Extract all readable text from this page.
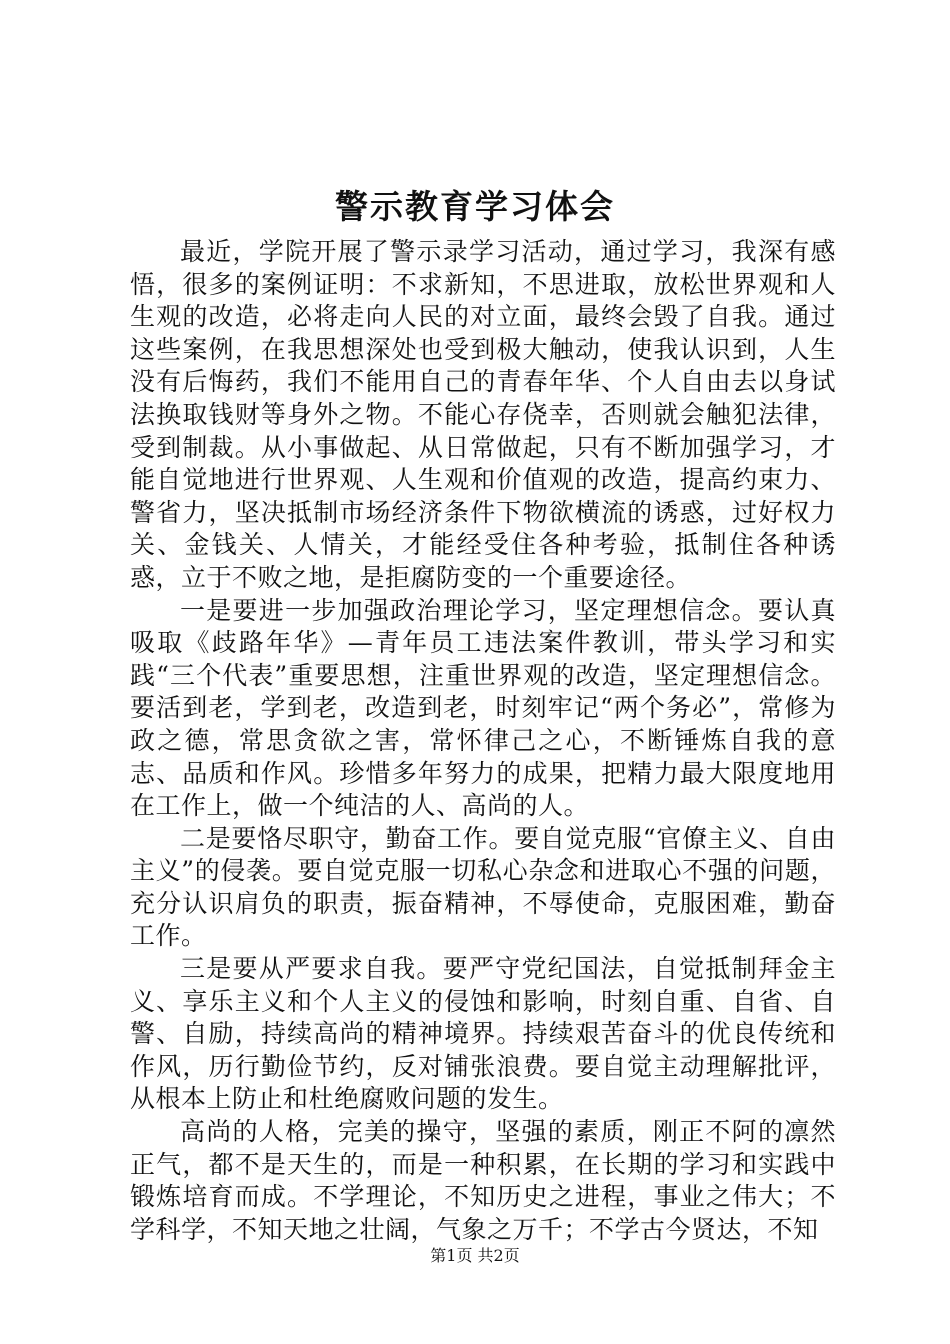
警示教育学习体会

最近，学院开展了警示录学习活动，通过学习，我深有感悟，很多的案例证明：不求新知，不思进取，放松世界观和人生观的改造，必将走向人民的对立面，最终会毁了自我。通过这些案例，在我思想深处也受到极大触动，使我认识到，人生没有后悔药，我们不能用自己的青春年华、个人自由去以身试法换取钱财等身外之物。不能心存侥幸，否则就会触犯法律，受到制裁。从小事做起、从日常做起，只有不断加强学习，才能自觉地进行世界观、人生观和价值观的改造，提高约束力、警省力，坚决抵制市场经济条件下物欲横流的诱惑，过好权力关、金钱关、人情关，才能经受住各种考验，抵制住各种诱惑，立于不败之地，是拒腐防变的一个重要途径。

一是要进一步加强政治理论学习，坚定理想信念。要认真吸取《歧路年华》—青年员工违法案件教训，带头学习和实践“三个代表”重要思想，注重世界观的改造，坚定理想信念。要活到老，学到老，改造到老，时刻牢记“两个务必”，常修为政之德，常思贪欲之害，常怀律己之心，不断锤炼自我的意志、品质和作风。珍惜多年努力的成果，把精力最大限度地用在工作上，做一个纯洁的人、高尚的人。

二是要恪尽职守，勤奋工作。要自觉克服“官僚主义、自由主义”的侵袭。要自觉克服一切私心杂念和进取心不强的问题，充分认识肩负的职责，振奋精神，不辱使命，克服困难，勤奋工作。

三是要从严要求自我。要严守党纪国法，自觉抵制拜金主义、享乐主义和个人主义的侵蚀和影响，时刻自重、自省、自警、自励，持续高尚的精神境界。持续艰苦奋斗的优良传统和作风，历行勤俭节约，反对铺张浪费。要自觉主动理解批评，从根本上防止和杜绝腐败问题的发生。

高尚的人格，完美的操守，坚强的素质，刚正不阿的凛然正气，都不是天生的，而是一种积累，在长期的学习和实践中锻炼培育而成。不学理论，不知历史之进程，事业之伟大；不学科学，不知天地之壮阔，气象之万千；不学古今贤达，不知

第1页 共2页
